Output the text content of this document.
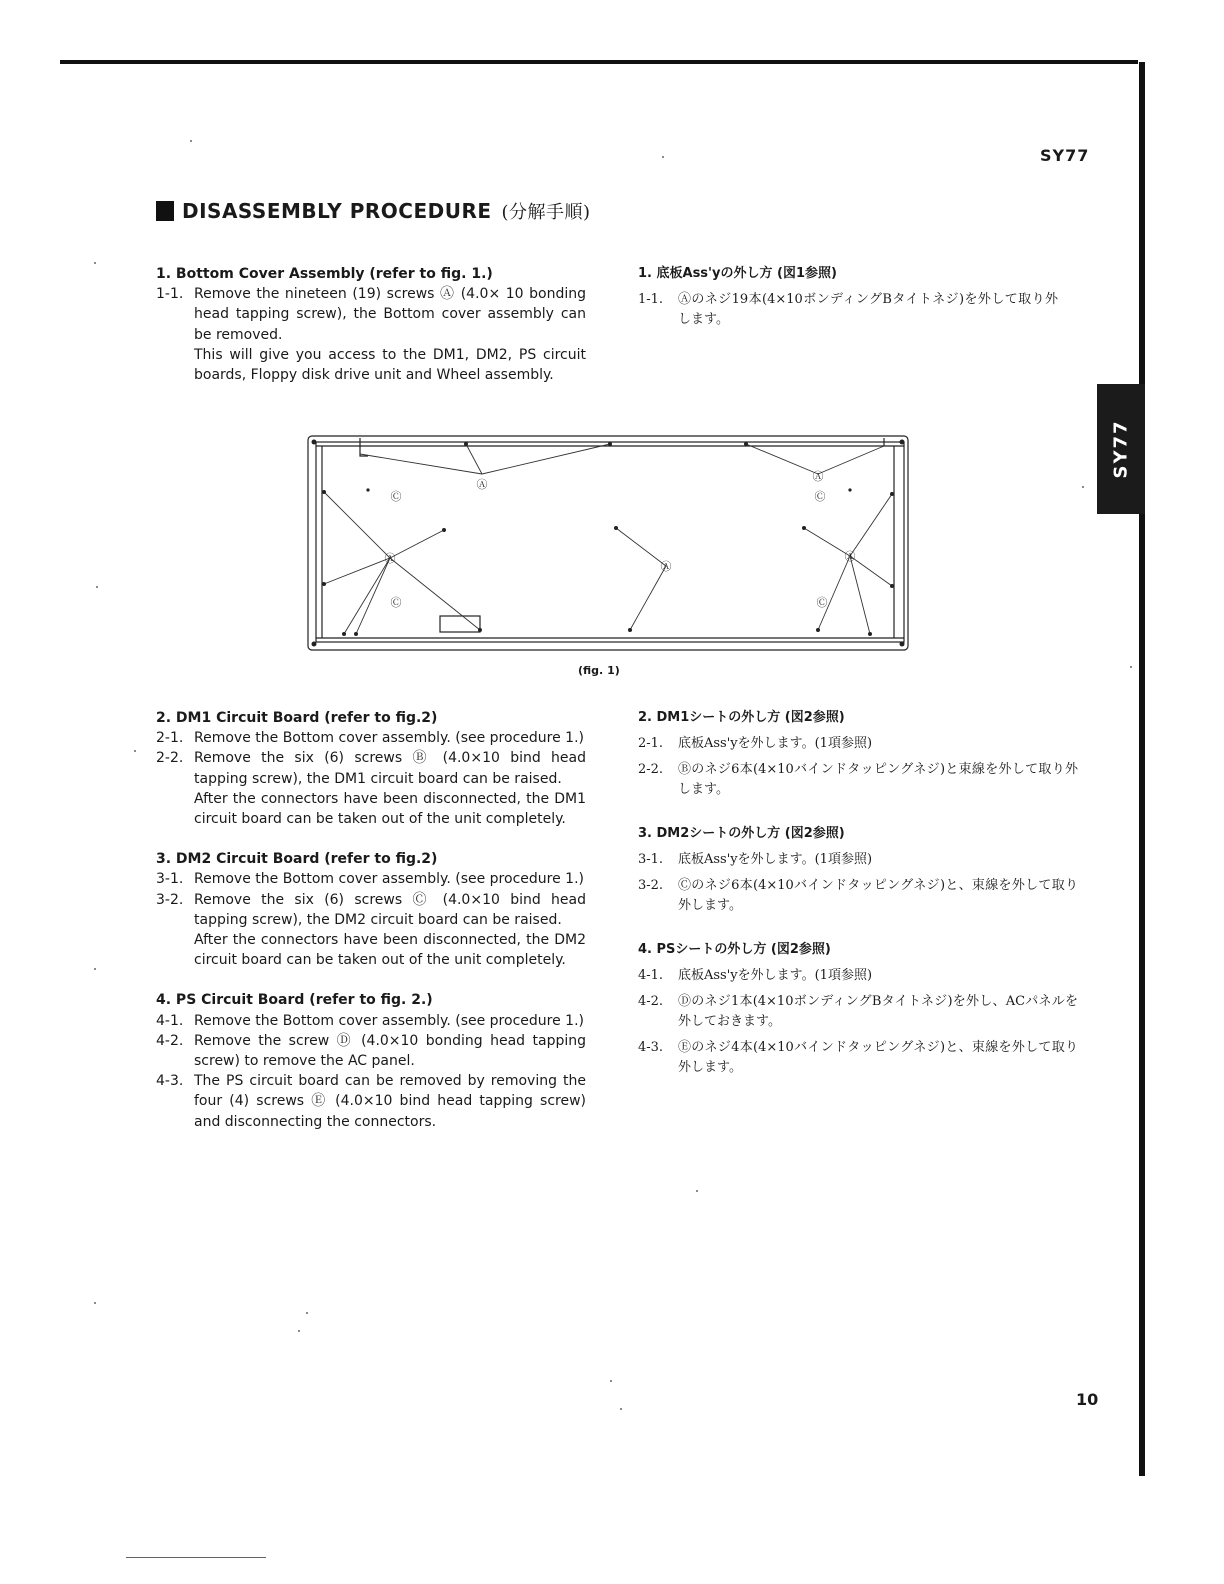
SY77
SY77
DISASSEMBLY PROCEDURE (分解手順)
1. Bottom Cover Assembly (refer to fig. 1.)
1-1. Remove the nineteen (19) screws Ⓐ (4.0× 10 bonding head tapping screw), the Bottom cover assembly can be removed.
This will give you access to the DM1, DM2, PS circuit boards, Floppy disk drive unit and Wheel assembly.
1. 底板Ass'yの外し方 (図1参照)
1-1.	Ⓐのネジ19本(4×10ボンディングBタイトネジ)を外して取り外します。
Ⓐ
Ⓐ
Ⓐ
Ⓐ
Ⓐ
Ⓒ	Ⓒ
Ⓒ	Ⓒ
(fig. 1)
2. DM1 Circuit Board (refer to fig.2)
2-1. Remove the Bottom cover assembly. (see procedure 1.)
2-2. Remove the six (6) screws Ⓑ (4.0×10 bind head tapping screw), the DM1 circuit board can be raised.
After the connectors have been disconnected, the DM1 circuit board can be taken out of the unit completely.
3. DM2 Circuit Board (refer to fig.2)
3-1. Remove the Bottom cover assembly. (see procedure 1.)
3-2. Remove the six (6) screws Ⓒ (4.0×10 bind head tapping screw), the DM2 circuit board can be raised.
After the connectors have been disconnected, the DM2 circuit board can be taken out of the unit completely.
4. PS Circuit Board (refer to fig. 2.)
4-1. Remove the Bottom cover assembly. (see procedure 1.)
4-2. Remove the screw Ⓓ (4.0×10 bonding head tapping screw) to remove the AC panel.
4-3. The PS circuit board can be removed by removing the four (4) screws Ⓔ (4.0×10 bind head tapping screw) and disconnecting the connectors.
2. DM1シートの外し方 (図2参照)
2-1.	底板Ass'yを外します。(1項参照)
2-2.	Ⓑのネジ6本(4×10バインドタッピングネジ)と束線を外して取り外します。
3. DM2シートの外し方 (図2参照)
3-1.	底板Ass'yを外します。(1項参照)
3-2.	Ⓒのネジ6本(4×10バインドタッピングネジ)と、束線を外して取り外します。
4. PSシートの外し方 (図2参照)
4-1.	底板Ass'yを外します。(1項参照)
4-2.	Ⓓのネジ1本(4×10ボンディングBタイトネジ)を外し、ACパネルを外しておきます。
4-3.	Ⓔのネジ4本(4×10バインドタッピングネジ)と、束線を外して取り外します。
10
